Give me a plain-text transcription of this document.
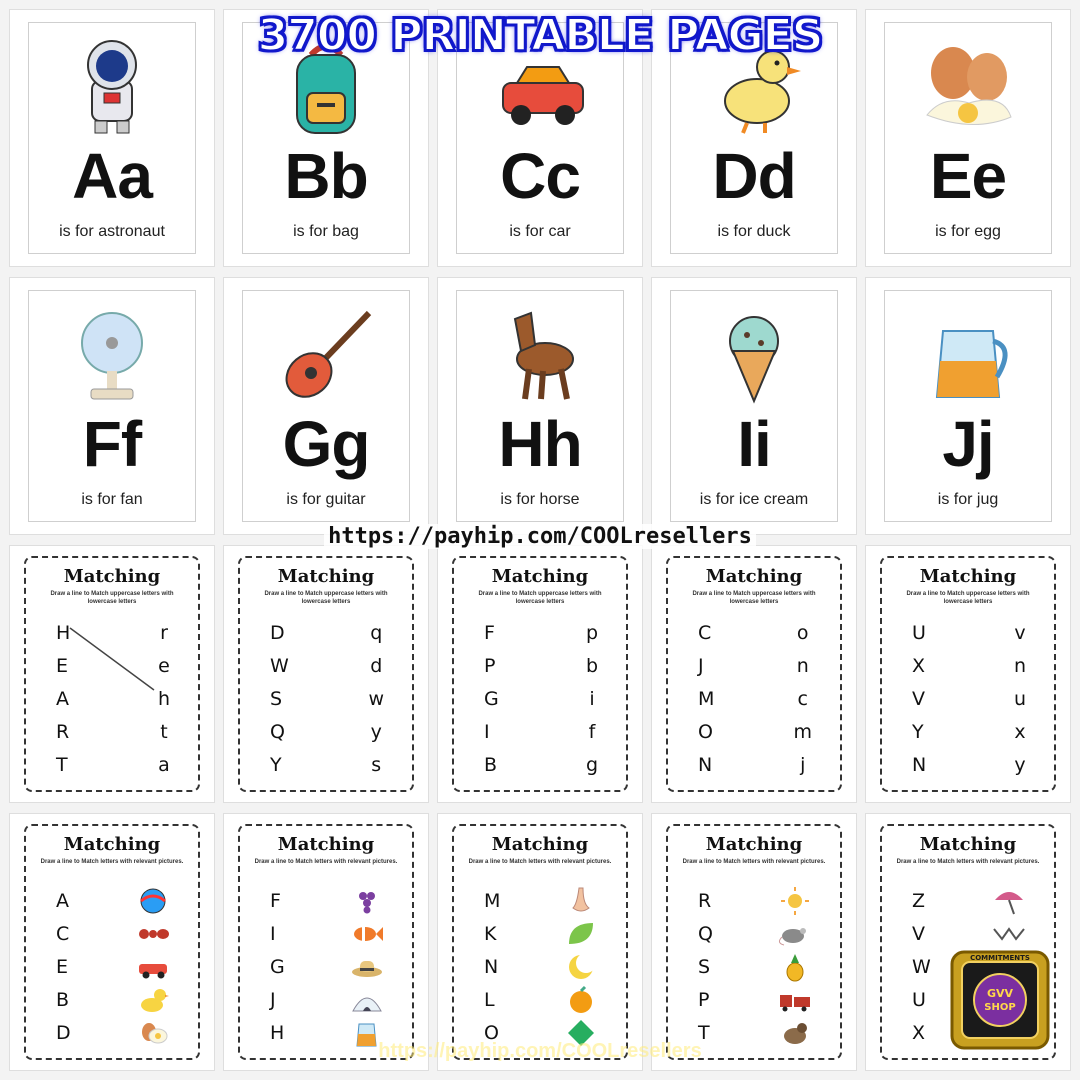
Aa
is for astronaut
Bb
is for bag
Cc
is for car
Dd
is for duck
Ee
is for egg
Ff
is for fan
Gg
is for guitar
Hh
is for horse
Ii
is for ice cream
Jj
is for jug
Matching
Draw a line to Match uppercase letters with lowercase letters
H
E
A
R
T
r
e
h
t
a
Matching
Draw a line to Match uppercase letters with lowercase letters
D
W
S
Q
Y
q
d
w
y
s
Matching
Draw a line to Match uppercase letters with lowercase letters
F
P
G
I
B
p
b
i
f
g
Matching
Draw a line to Match uppercase letters with lowercase letters
C
J
M
O
N
o
n
c
m
j
Matching
Draw a line to Match uppercase letters with lowercase letters
U
X
V
Y
N
v
n
u
x
y
Matching
Draw a line to Match letters with relevant pictures.
A
C
E
B
D
Matching
Draw a line to Match letters with relevant pictures.
F
I
G
J
H
Matching
Draw a line to Match letters with relevant pictures.
M
K
N
L
O
Matching
Draw a line to Match letters with relevant pictures.
R
Q
S
P
T
Matching
Draw a line to Match letters with relevant pictures.
Z
V
W
U
X
3700 PRINTABLE PAGES
https://payhip.com/COOLresellers
https://payhip.com/COOLresellers
GVV
SHOP
COMMITMENTS
